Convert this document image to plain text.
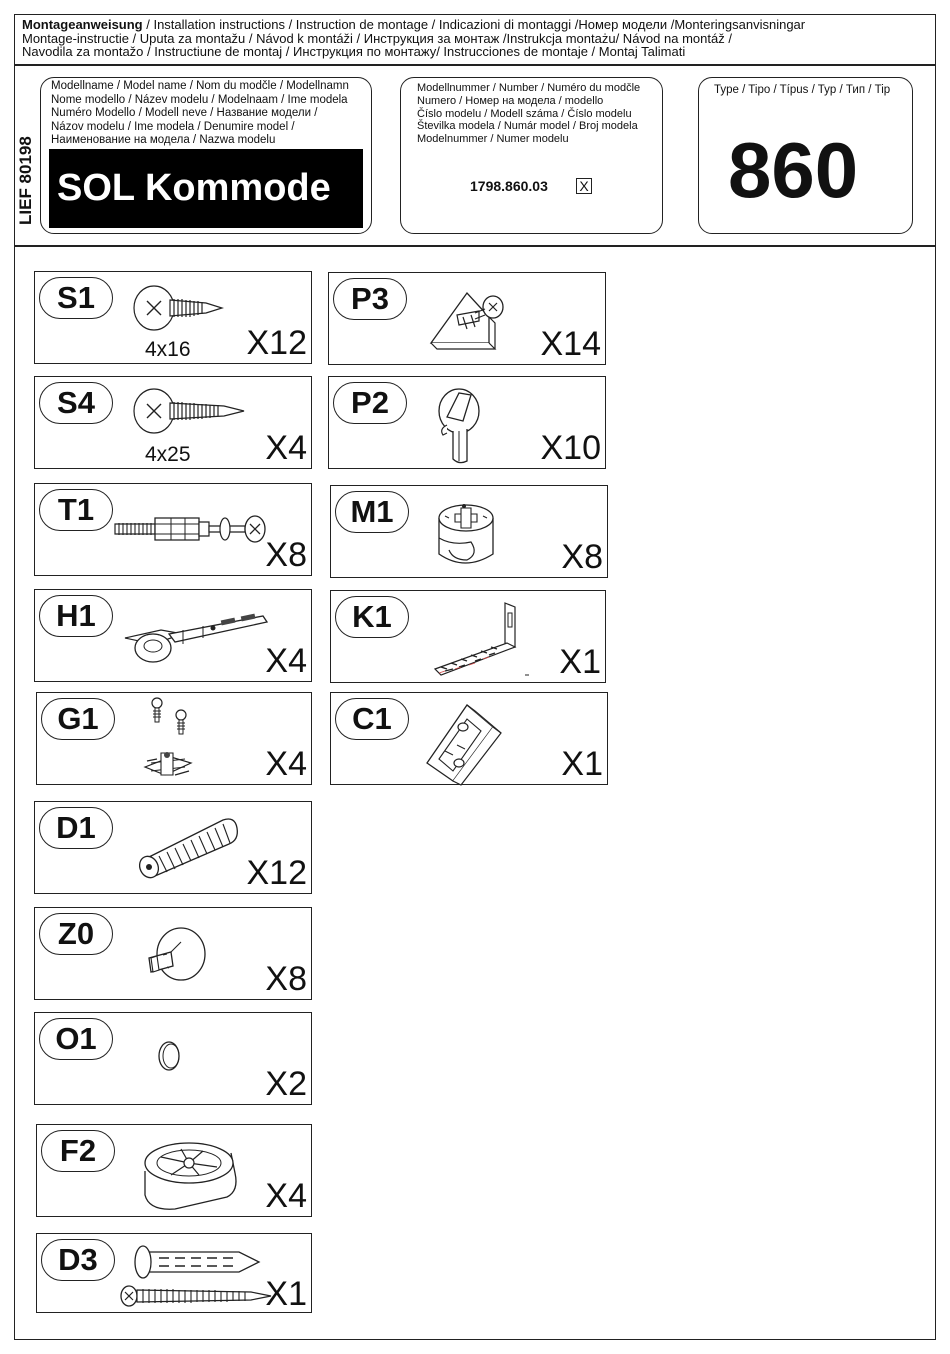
Montageanweisung / Installation instructions / Instruction de montage / Indicazioni di montaggi /Номер модели /Monteringsanvisningar
Montage-instructie / Uputa za montažu / Návod k montáži / Инструкция за монтаж /Instrukcja montażu/ Návod na montáž /
Navodila za montažo / Instructiune de montaj / Инструкция по монтажу/ Instrucciones de montaje / Montaj Talimati
LIEF 80198
Modellname / Model name / Nom du modčle / Modellnamn
Nome modello / Název modelu / Modelnaam / Ime modela
Numéro Modello / Modell neve / Название модели /
Názov modelu / Ime modela / Denumire model /
Наименование на модела / Nazwa modelu
SOL Kommode
Modellnummer / Number / Numéro du modčle
Numero / Номер на модела / modello
Číslo modelu / Modell száma / Číslo modelu
Številka modela / Numár model / Broj modela
Modelnummer / Numer modelu
1798.860.03 X
Type / Tipo / Típus / Typ / Тип / Tip
860
S1
4x16 X12
S4
4x25 X4
T1
X8
H1
X4
G1
X4
D1
X12
Z0
X8
O1
X2
F2
X4
D3
X1
P3
X14
P2
X10
M1
X8
K1
X1
C1
X1
